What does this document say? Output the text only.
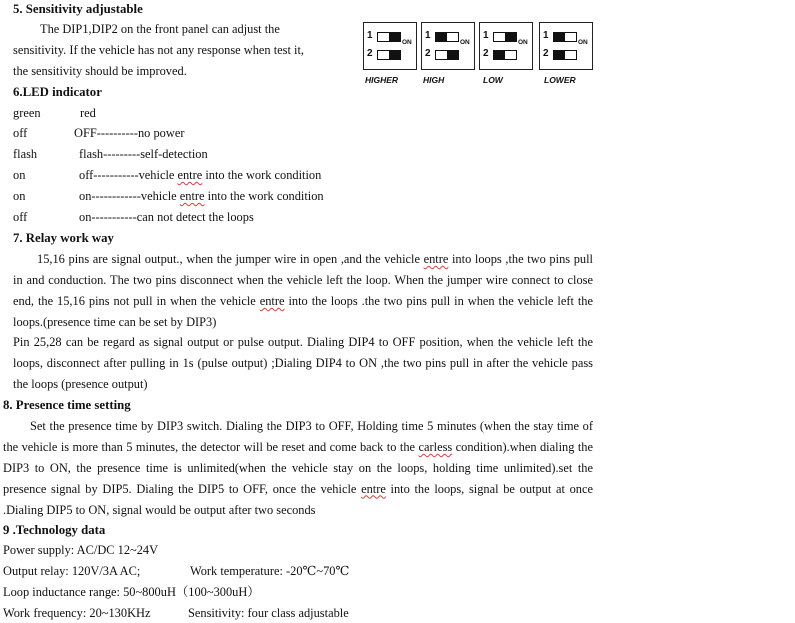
5. Sensitivity adjustable
The DIP1,DIP2 on the front panel can adjust the
sensitivity. If the vehicle has not any response when test it,
the sensitivity should be improved.
1
2
ON
1
2
ON
1
2
ON
1
2
ON
HIGHER	HIGH	LOW	LOWER
6.LED indicator
green	red
off	OFF----------no power
flash	flash---------self-detection
on	off-----------vehicle entre into the work condition
on	on------------vehicle entre into the work condition
off	on-----------can not detect the loops
7. Relay work way
15,16 pins are signal output., when the jumper wire in open ,and the vehicle entre into loops ,the two pins pull in and conduction. The two pins disconnect when the vehicle left the loop. When the jumper wire connect to close end, the 15,16 pins not pull in when the vehicle entre into the loops .the two pins pull in when the vehicle left the loops.(presence time can be set by DIP3)
Pin 25,28 can be regard as signal output or pulse output. Dialing DIP4 to OFF position, when the vehicle left the loops, disconnect after pulling in 1s (pulse output) ;Dialing DIP4 to ON ,the two pins pull in after the vehicle pass the loops (presence output)
8. Presence time setting
Set the presence time by DIP3 switch. Dialing the DIP3 to OFF, Holding time 5 minutes (when the stay time of the vehicle is more than 5 minutes, the detector will be reset and come back to the carless condition).when dialing the DIP3 to ON, the presence time is unlimited(when the vehicle stay on the loops, holding time unlimited).set the presence signal by DIP5. Dialing the DIP5 to OFF, once the vehicle entre into the loops, signal be output at once .Dialing DIP5 to ON, signal would be output after two seconds
9 .Technology data
Power supply: AC/DC 12~24V
Output relay: 120V/3A AC;	Work temperature: -20℃~70℃
Loop inductance range: 50~800uH（100~300uH）
Work frequency: 20~130KHz	Sensitivity: four class adjustable
